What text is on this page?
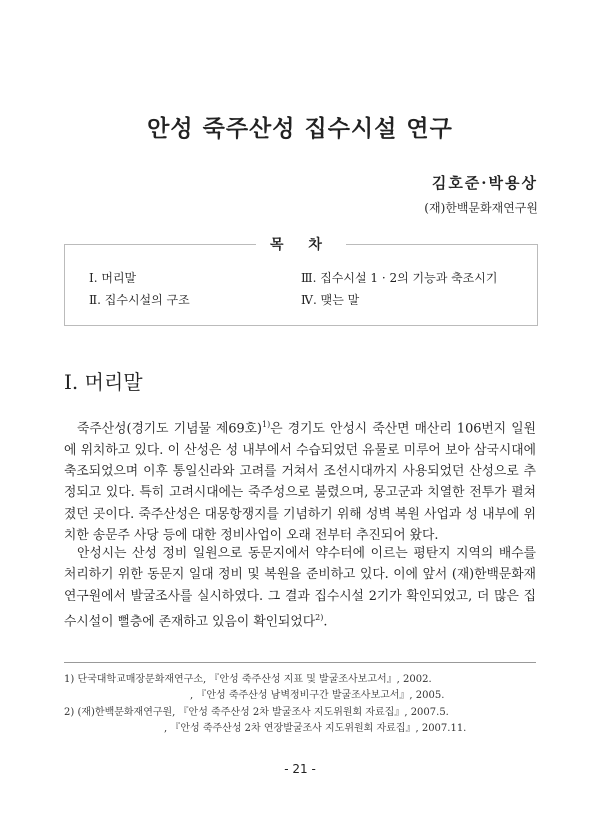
안성 죽주산성 집수시설 연구
김호준·박용상
(재)한백문화재연구원
목 차
Ⅰ. 머리말
Ⅱ. 집수시설의 구조
Ⅲ. 집수시설 1 · 2의 기능과 축조시기
Ⅳ. 맺는 말
Ⅰ. 머리말

죽주산성(경기도 기념물 제69호)$^{1)}$은 경기도 안성시 죽산면 매산리 106번지 일원에 위치하고 있다. 이 산성은 성 내부에서 수습되었던 유물로 미루어 보아 삼국시대에 축조되었으며 이후 통일신라와 고려를 거쳐서 조선시대까지 사용되었던 산성으로 추정되고 있다. 특히 고려시대에는 죽주성으로 불렸으며, 몽고군과 치열한 전투가 펼쳐졌던 곳이다. 죽주산성은 대몽항쟁지를 기념하기 위해 성벽 복원 사업과 성 내부에 위치한 송문주 사당 등에 대한 정비사업이 오래 전부터 추진되어 왔다.

안성시는 산성 정비 일원으로 동문지에서 약수터에 이르는 평탄지 지역의 배수를 처리하기 위한 동문지 일대 정비 및 복원을 준비하고 있다. 이에 앞서 (재)한백문화재연구원에서 발굴조사를 실시하였다. 그 결과 집수시설 2기가 확인되었고, 더 많은 집수시설이 뻘층에 존재하고 있음이 확인되었다$^{2)}$.

1) 단국대학교매장문화재연구소, 『안성 죽주산성 지표 및 발굴조사보고서』, 2002.
, 『안성 죽주산성 남벽정비구간 발굴조사보고서』, 2005.
2) (재)한백문화재연구원, 『안성 죽주산성 2차 발굴조사 지도위원회 자료집』, 2007.5.
, 『안성 죽주산성 2차 연장발굴조사 지도위원회 자료집』, 2007.11.
- 21 -
